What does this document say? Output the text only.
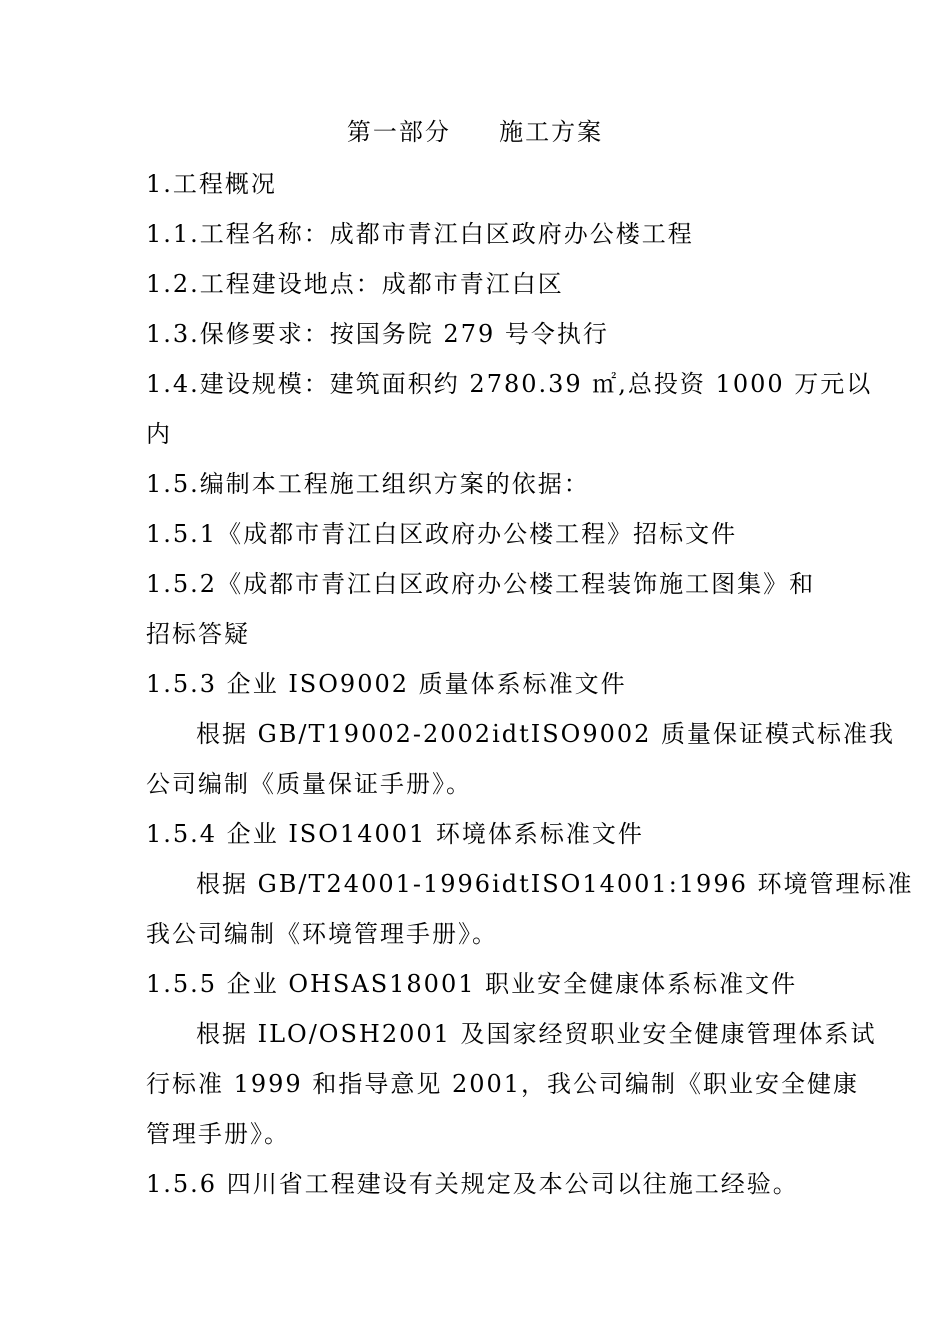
第一部分     施工方案
1.工程概况
1.1.工程名称：成都市青江白区政府办公楼工程
1.2.工程建设地点：成都市青江白区
1.3.保修要求：按国务院 279 号令执行
1.4.建设规模：建筑面积约 2780.39 ㎡,总投资 1000 万元以
内
1.5.编制本工程施工组织方案的依据：
1.5.1《成都市青江白区政府办公楼工程》招标文件
1.5.2《成都市青江白区政府办公楼工程装饰施工图集》和
招标答疑
1.5.3 企业 ISO9002 质量体系标准文件
根据 GB/T19002-2002idtISO9002 质量保证模式标准我
公司编制《质量保证手册》。
1.5.4 企业 ISO14001 环境体系标准文件
根据 GB/T24001-1996idtISO14001:1996 环境管理标准
我公司编制《环境管理手册》。
1.5.5 企业 OHSAS18001 职业安全健康体系标准文件
根据 ILO/OSH2001 及国家经贸职业安全健康管理体系试
行标准 1999 和指导意见 2001，我公司编制《职业安全健康
管理手册》。
1.5.6 四川省工程建设有关规定及本公司以往施工经验。
